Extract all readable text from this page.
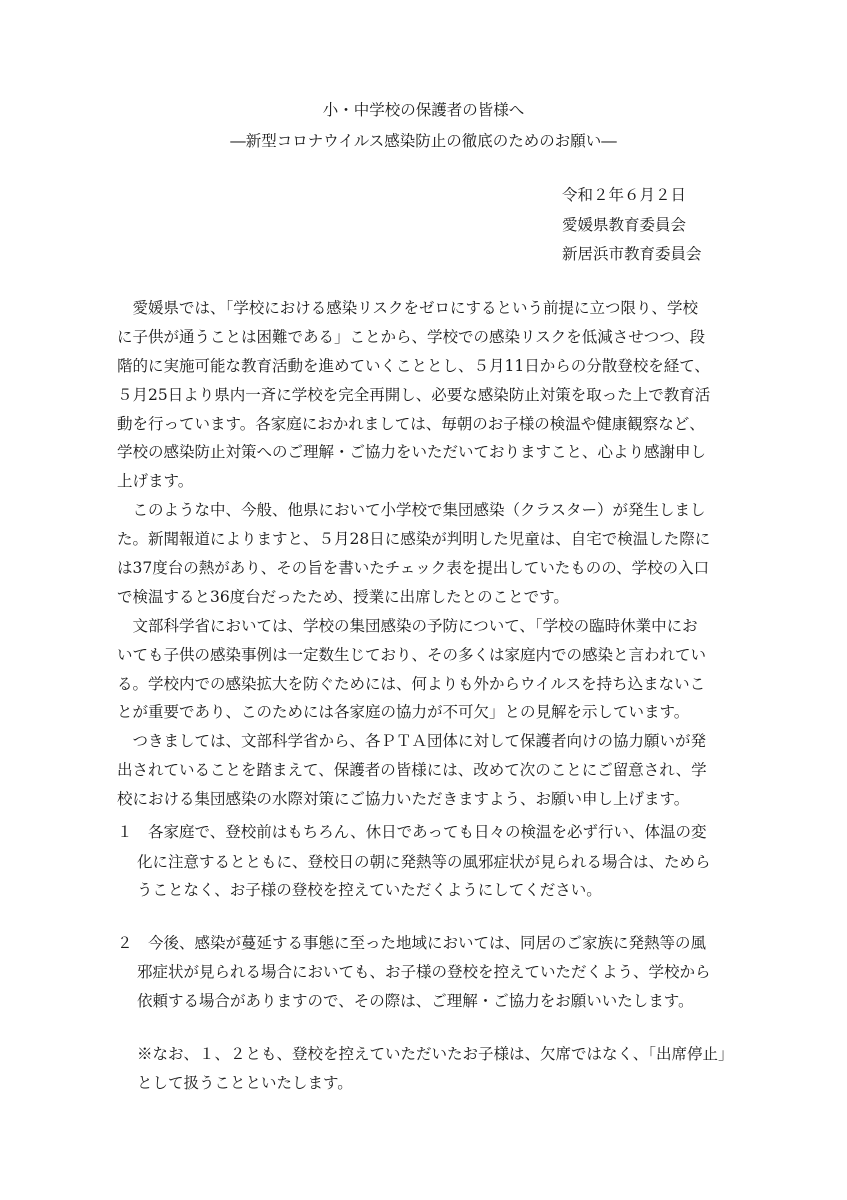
小・中学校の保護者の皆様へ
―新型コロナウイルス感染防止の徹底のためのお願い―
令和２年６月２日
愛媛県教育委員会
新居浜市教育委員会
　愛媛県では、「学校における感染リスクをゼロにするという前提に立つ限り、学校
に子供が通うことは困難である」ことから、学校での感染リスクを低減させつつ、段
階的に実施可能な教育活動を進めていくこととし、５月11日からの分散登校を経て、
５月25日より県内一斉に学校を完全再開し、必要な感染防止対策を取った上で教育活
動を行っています。各家庭におかれましては、毎朝のお子様の検温や健康観察など、
学校の感染防止対策へのご理解・ご協力をいただいておりますこと、心より感謝申し
上げます。
　このような中、今般、他県において小学校で集団感染（クラスター）が発生しまし
た。新聞報道によりますと、５月28日に感染が判明した児童は、自宅で検温した際に
は37度台の熱があり、その旨を書いたチェック表を提出していたものの、学校の入口
で検温すると36度台だったため、授業に出席したとのことです。
　文部科学省においては、学校の集団感染の予防について、「学校の臨時休業中にお
いても子供の感染事例は一定数生じており、その多くは家庭内での感染と言われてい
る。学校内での感染拡大を防ぐためには、何よりも外からウイルスを持ち込まないこ
とが重要であり、このためには各家庭の協力が不可欠」との見解を示しています。
　つきましては、文部科学省から、各ＰＴＡ団体に対して保護者向けの協力願いが発
出されていることを踏まえて、保護者の皆様には、改めて次のことにご留意され、学
校における集団感染の水際対策にご協力いただきますよう、お願い申し上げます。
１　各家庭で、登校前はもちろん、休日であっても日々の検温を必ず行い、体温の変
化に注意するとともに、登校日の朝に発熱等の風邪症状が見られる場合は、ためら
うことなく、お子様の登校を控えていただくようにしてください。
２　今後、感染が蔓延する事態に至った地域においては、同居のご家族に発熱等の風
邪症状が見られる場合においても、お子様の登校を控えていただくよう、学校から
依頼する場合がありますので、その際は、ご理解・ご協力をお願いいたします。
※なお、１、２とも、登校を控えていただいたお子様は、欠席ではなく、「出席停止」
として扱うことといたします。
